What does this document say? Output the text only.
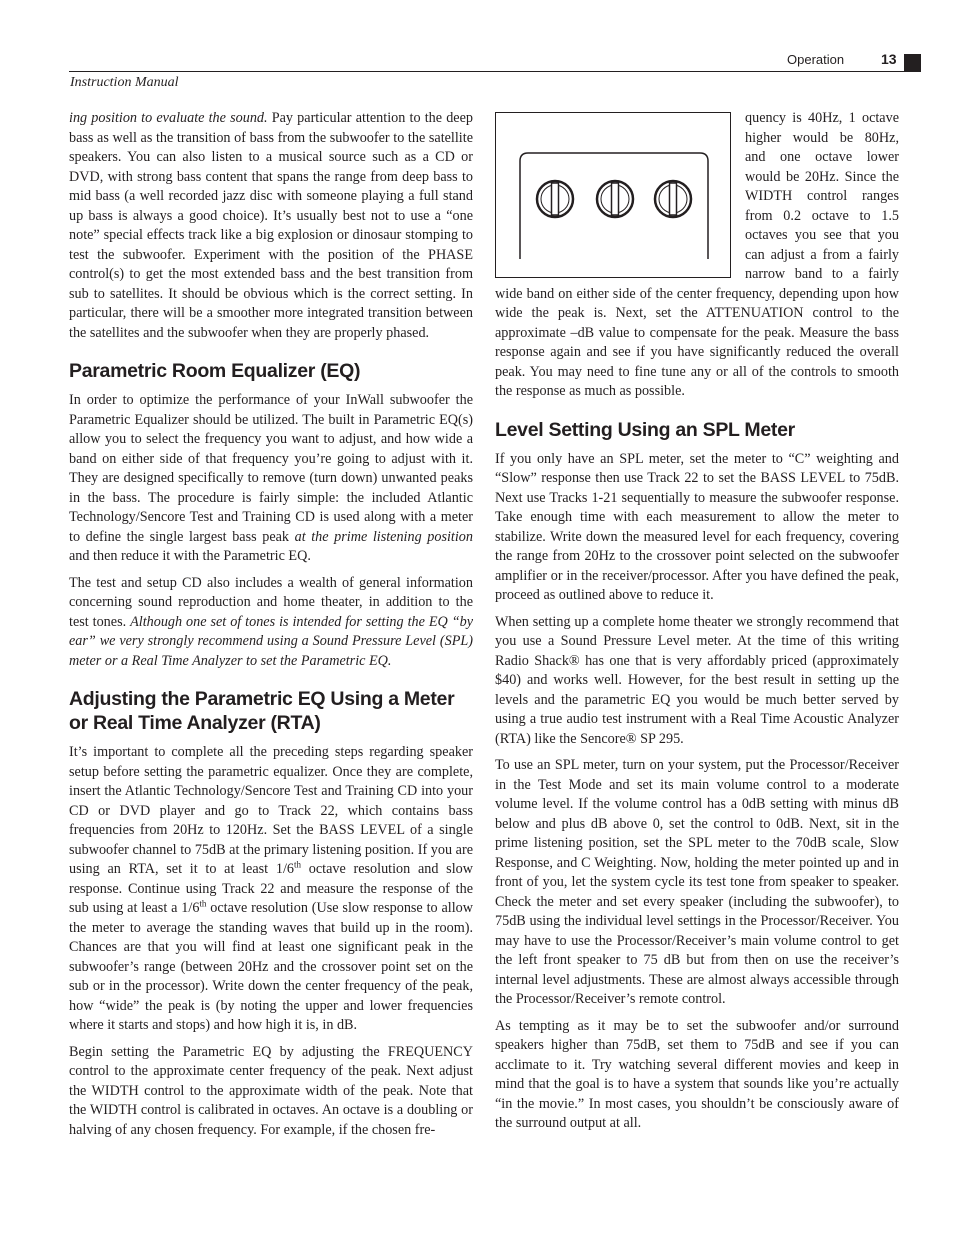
Operation	13
Instruction Manual

ing position to evaluate the sound. Pay particular attention to the deep bass as well as the transition of bass from the subwoofer to the satellite speakers. You can also listen to a musical source such as a CD or DVD, with strong bass content that spans the range from deep bass to mid bass (a well recorded jazz disc with someone playing a full stand up bass is always a good choice). It’s usually best not to use a “one note” special effects track like a big explosion or dinosaur stomping to test the subwoofer. Experiment with the position of the PHASE control(s) to get the most extended bass and the best transition from sub to satellites. It should be obvious which is the correct setting. In particular, there will be a smoother more integrated transition between the satellites and the subwoofer when they are properly phased.

Parametric Room Equalizer (EQ)

In order to optimize the performance of your InWall subwoofer the Parametric Equalizer should be utilized. The built in Parametric EQ(s) allow you to select the frequency you want to adjust, and how wide a band on either side of that frequency you’re going to adjust with it. They are designed specifically to remove (turn down) unwanted peaks in the bass. The procedure is fairly simple: the included Atlantic Technology/Sencore Test and Training CD is used along with a meter to define the single largest bass peak at the prime listening position and then reduce it with the Parametric EQ.

The test and setup CD also includes a wealth of general information concerning sound reproduction and home theater, in addition to the test tones. Although one set of tones is intended for setting the EQ “by ear” we very strongly recommend using a Sound Pressure Level (SPL) meter or a Real Time Analyzer to set the Parametric EQ.

Adjusting the Parametric EQ Using a Meter or Real Time Analyzer (RTA)

It’s important to complete all the preceding steps regarding speaker setup before setting the parametric equalizer. Once they are complete, insert the Atlantic Technology/Sencore Test and Training CD into your CD or DVD player and go to Track 22, which contains bass frequencies from 20Hz to 120Hz. Set the BASS LEVEL of a single subwoofer channel to 75dB at the primary listening position. If you are using an RTA, set it to at least 1/6th octave resolution and slow response. Continue using Track 22 and measure the response of the sub using at least a 1/6th octave resolution (Use slow response to allow the meter to average the standing waves that build up in the room). Chances are that you will find at least one significant peak in the subwoofer’s range (between 20Hz and the crossover point set on the sub or in the processor). Write down the center frequency of the peak, how “wide” the peak is (by noting the upper and lower frequencies where it starts and stops) and how high it is, in dB.

Begin setting the Parametric EQ by adjusting the FREQUENCY control to the approximate center frequency of the peak. Next adjust the WIDTH control to the approximate width of the peak. Note that the WIDTH control is calibrated in octaves. An octave is a doubling or halving of any chosen frequency. For example, if the chosen fre-

quency is 40Hz, 1 octave higher would be 80Hz, and one octave lower would be 20Hz. Since the WIDTH control ranges from 0.2 octave to 1.5 octaves you see that you can adjust a from a fairly narrow band to a fairly wide band on either side of the center frequency, depending upon how wide the peak is. Next, set the ATTENUATION control to the approximate –dB value to compensate for the peak. Measure the bass response again and see if you have significantly reduced the overall peak. You may need to fine tune any or all of the controls to smooth the response as much as possible.

Level Setting Using an SPL Meter

If you only have an SPL meter, set the meter to “C” weighting and “Slow” response then use Track 22 to set the BASS LEVEL to 75dB. Next use Tracks 1-21 sequentially to measure the subwoofer response. Take enough time with each measurement to allow the meter to stabilize. Write down the measured level for each frequency, covering the range from 20Hz to the crossover point selected on the subwoofer amplifier or in the receiver/processor. After you have defined the peak, proceed as outlined above to reduce it.

When setting up a complete home theater we strongly recommend that you use a Sound Pressure Level meter. At the time of this writing Radio Shack® has one that is very affordably priced (approximately $40) and works well. However, for the best result in setting up the levels and the parametric EQ you would be much better served by using a true audio test instrument with a Real Time Acoustic Analyzer (RTA) like the Sencore® SP 295.

To use an SPL meter, turn on your system, put the Processor/Receiver in the Test Mode and set its main volume control to a moderate volume level. If the volume control has a 0dB setting with minus dB below and plus dB above 0, set the control to 0dB. Next, sit in the prime listening position, set the SPL meter to the 70dB scale, Slow Response, and C Weighting. Now, holding the meter pointed up and in front of you, let the system cycle its test tone from speaker to speaker. Check the meter and set every speaker (including the subwoofer), to 75dB using the individual level settings in the Processor/Receiver. You may have to use the Processor/Receiver’s main volume control to get the left front speaker to 75 dB but from then on use the receiver’s internal level adjustments. These are almost always accessible through the Processor/Receiver’s remote control.

As tempting as it may be to set the subwoofer and/or surround speakers higher than 75dB, set them to 75dB and see if you can acclimate to it. Try watching several different movies and keep in mind that the goal is to have a system that sounds like you’re actually “in the movie.” In most cases, you shouldn’t be consciously aware of the surround output at all.
